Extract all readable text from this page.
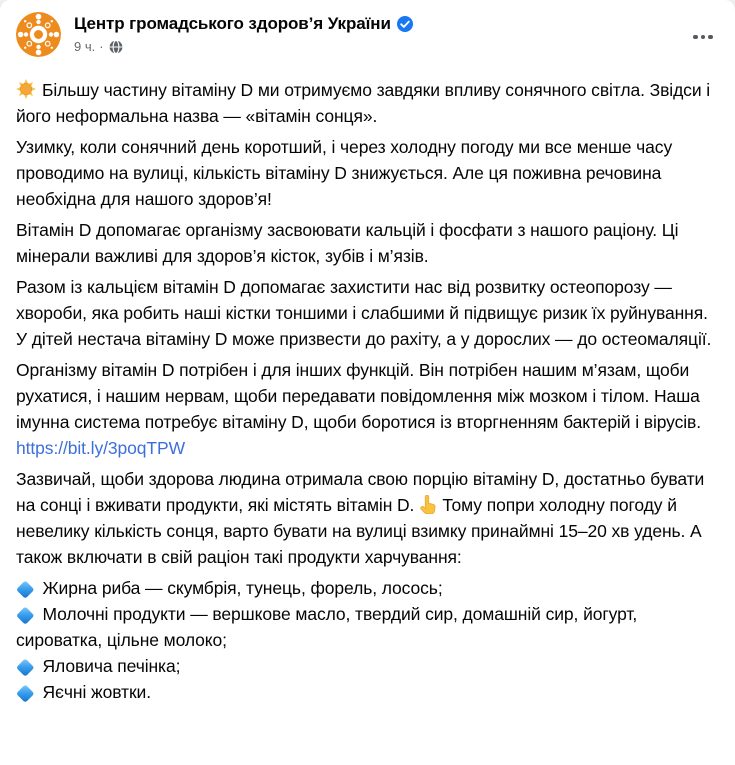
Центр громадського здоров’я України
9 ч. ·

Більшу частину вітаміну D ми отримуємо завдяки впливу сонячного світла. Звідси і його неформальна назва — «вітамін сонця».

Узимку, коли сонячний день коротший, і через холодну погоду ми все менше часу проводимо на вулиці, кількість вітаміну D знижується. Але ця поживна речовина необхідна для нашого здоров’я!

Вітамін D допомагає організму засвоювати кальцій і фосфати з нашого раціону. Ці мінерали важливі для здоров’я кісток, зубів і м’язів.

Разом із кальцієм вітамін D допомагає захистити нас від розвитку остеопорозу — хвороби, яка робить наші кістки тоншими і слабшими й підвищує ризик їх руйнування. У дітей нестача вітаміну D може призвести до рахіту, а у дорослих — до остеомаляції.

Організму вітамін D потрібен і для інших функцій. Він потрібен нашим м’язам, щоби рухатися, і нашим нервам, щоби передавати повідомлення між мозком і тілом. Наша імунна система потребує вітаміну D, щоби боротися із вторгненням бактерій і вірусів. https://bit.ly/3poqTPW

Зазвичай, щоби здорова людина отримала свою порцію вітаміну D, достатньо бувати на сонці і вживати продукти, які містять вітамін D. Тому попри холодну погоду й невелику кількість сонця, варто бувати на вулиці взимку принаймні 15–20 хв удень. А також включати в свій раціон такі продукти харчування:

Жирна риба — скумбрія, тунець, форель, лосось;

Молочні продукти — вершкове масло, твердий сир, домашній сир, йогурт, сироватка, цільне молоко;

Яловича печінка;

Яєчні жовтки.
